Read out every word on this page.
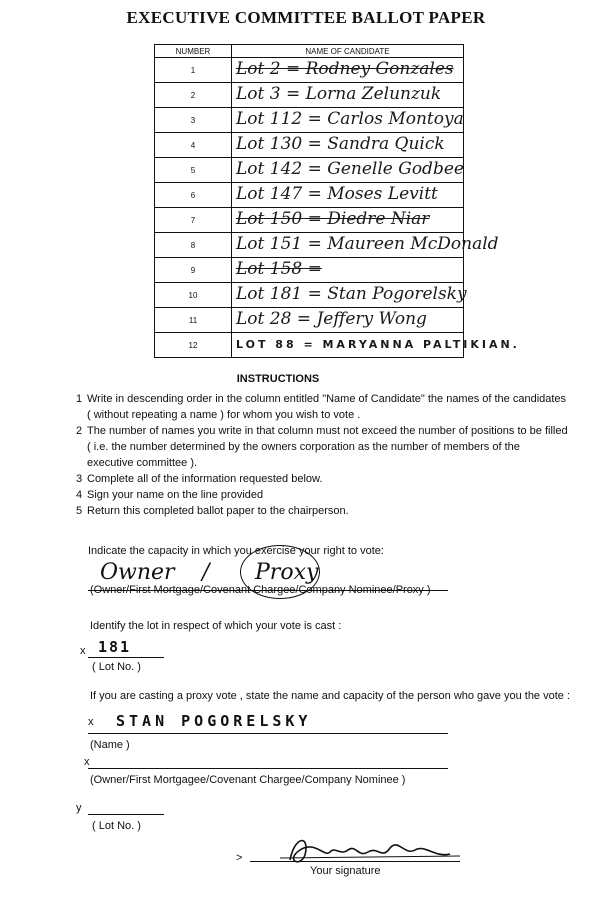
EXECUTIVE COMMITTEE BALLOT PAPER
NUMBER	NAME OF CANDIDATE
1	Lot 2 = Rodney Gonzales

2	Lot 3 = Lorna Zelunzuk

3	Lot 112 = Carlos Montoya

4	Lot 130 = Sandra Quick

5	Lot 142 = Genelle Godbee

6	Lot 147 = Moses Levitt

7	Lot 150 = Diedre Niar

8	Lot 151 = Maureen McDonald

9	Lot 158 =

10	Lot 181 = Stan Pogorelsky

11	Lot 28 = Jeffery Wong

12	LOT 88 = MARYANNA PALTIKIAN.
INSTRUCTIONS
1 Write in descending order in the column entitled "Name of Candidate" the names of the candidates
( without repeating a name ) for whom you wish to vote .
2 The number of names you write in that column must not exceed the number of positions to be filled
( i.e. the number determined by the owners corporation as the number of members of the
executive committee ).
3 Complete all of the information requested below.
4 Sign your name on the line provided
5 Return this completed ballot paper to the chairperson.
Indicate the capacity in which you exercise your right to vote:
Owner / Proxy
(Owner/First Mortgage/Covenant Chargee/Company Nominee/Proxy )
Identify the lot in respect of which your vote is cast :
x 181
( Lot No. )
If you are casting a proxy vote , state the name and capacity of the person who gave you the vote :
x STAN POGORELSKY
(Name )
x
(Owner/First Mortgagee/Covenant Chargee/Company Nominee )
y
( Lot No. )
>
Your signature
